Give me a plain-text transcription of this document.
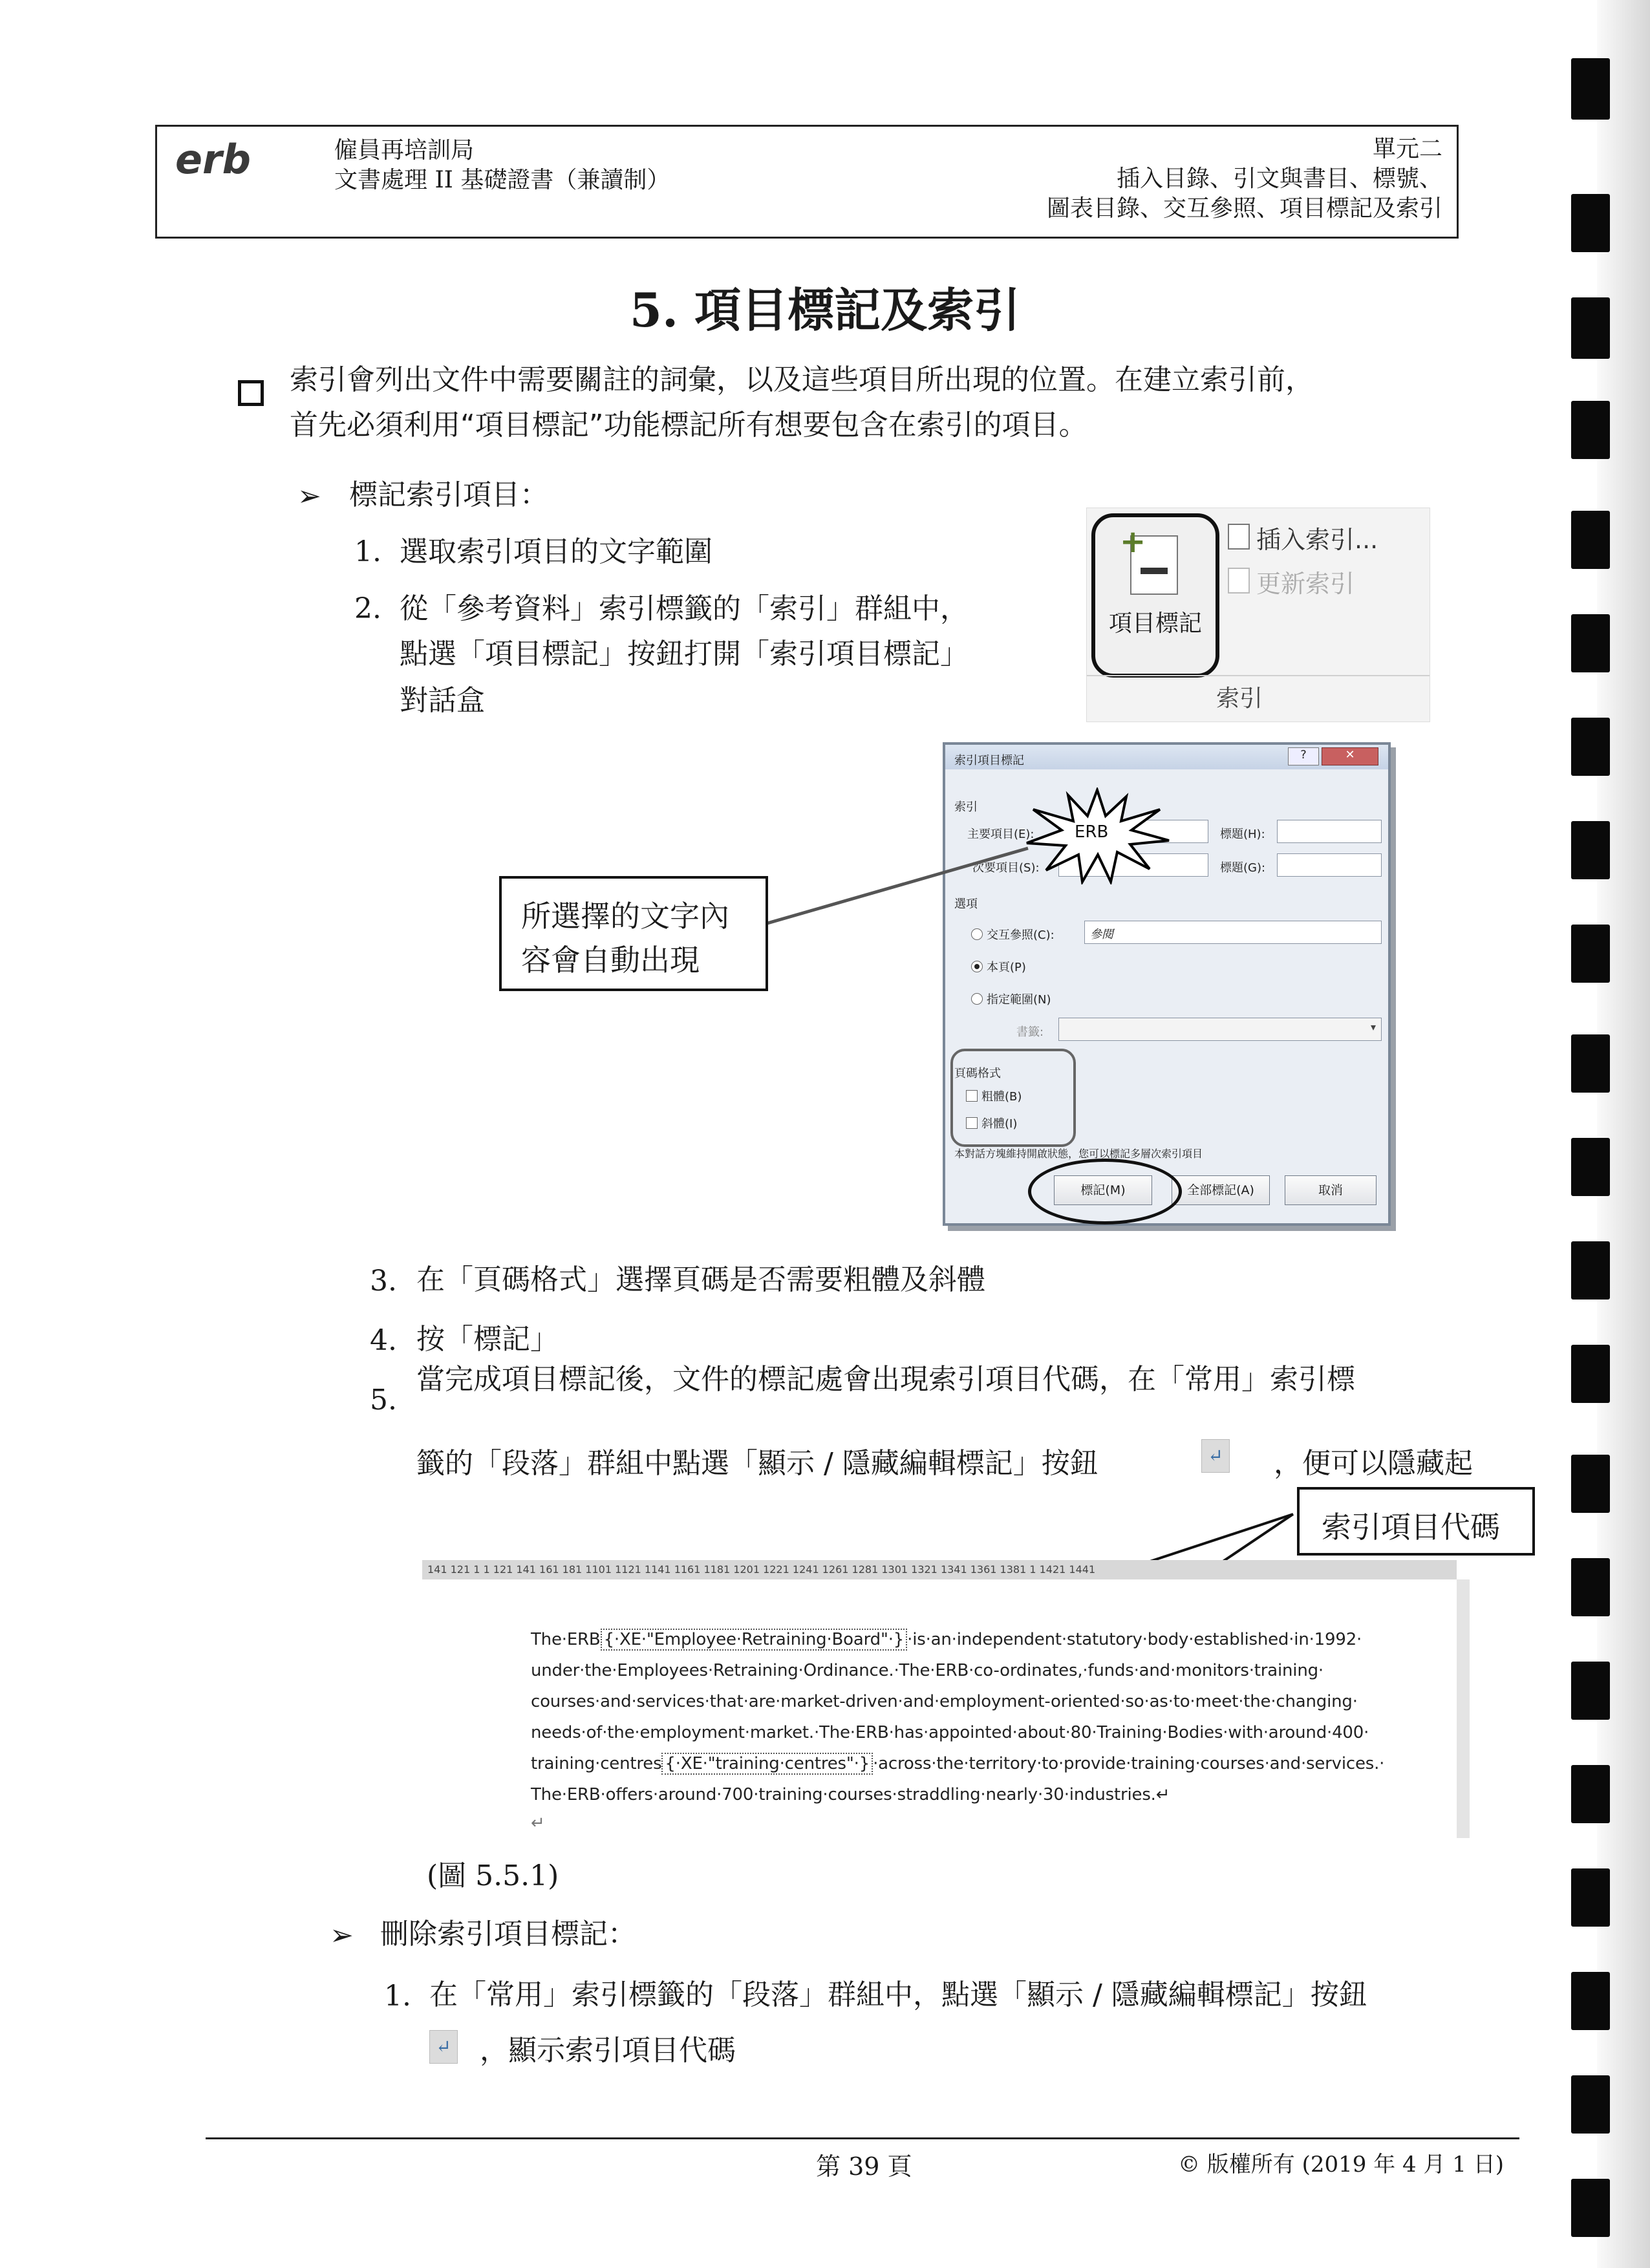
erb	僱員再培訓局
文書處理 II 基礎證書（兼讀制）
單元二
插入目錄、引文與書目、標號、
圖表目錄、交互參照、項目標記及索引
5. 項目標記及索引
索引會列出文件中需要關註的詞彙，以及這些項目所出現的位置。在建立索引前，
首先必須利用“項目標記”功能標記所有想要包含在索引的項目。
➢ 標記索引項目：
1. 選取索引項目的文字範圍
2. 從「參考資料」索引標籤的「索引」群組中，
點選「項目標記」按鈕打開「索引項目標記」
對話盒
+
項目標記
插入索引...
更新索引
索引
索引項目標記	?	✕
索引
主要項目(E):
次要項目(S):
標題(H):
標題(G):
ERB
選項
交互參照(C):	參閱
本頁(P)
指定範圍(N)
書籤:	▾
頁碼格式
粗體(B)
斜體(I)
本對話方塊維持開啟狀態，您可以標記多層次索引項目
標記(M)	全部標記(A)	取消
所選擇的文字內
容會自動出現
3. 在「頁碼格式」選擇頁碼是否需要粗體及斜體
4. 按「標記」
5.
當完成項目標記後，文件的標記處會出現索引項目代碼，在「常用」索引標
籤的「段落」群組中點選「顯示 / 隱藏編輯標記」按鈕	↵ ，便可以隱藏起
索引項目代碼
141 121 1 1 121 141 161 181 1101 1121 1141 1161 1181 1201 1221 1241 1261 1281 1301 1321 1341 1361 1381 1 1421 1441
The·ERB {·XE·"Employee·Retraining·Board"·} ·is·an·independent·statutory·body·established·in·1992·
under·the·Employees·Retraining·Ordinance.·The·ERB·co-ordinates,·funds·and·monitors·training·
courses·and·services·that·are·market-driven·and·employment-oriented·so·as·to·meet·the·changing·
needs·of·the·employment·market.·The·ERB·has·appointed·about·80·Training·Bodies·with·around·400·
training·centres {·XE·"training·centres"·} ·across·the·territory·to·provide·training·courses·and·services.·
The·ERB·offers·around·700·training·courses·straddling·nearly·30·industries.↵
↵
(圖 5.5.1)
➢ 刪除索引項目標記：
1. 在「常用」索引標籤的「段落」群組中，點選「顯示 / 隱藏編輯標記」按鈕
↵ ，顯示索引項目代碼
第 39 頁	© 版權所有 (2019 年 4 月 1 日)
